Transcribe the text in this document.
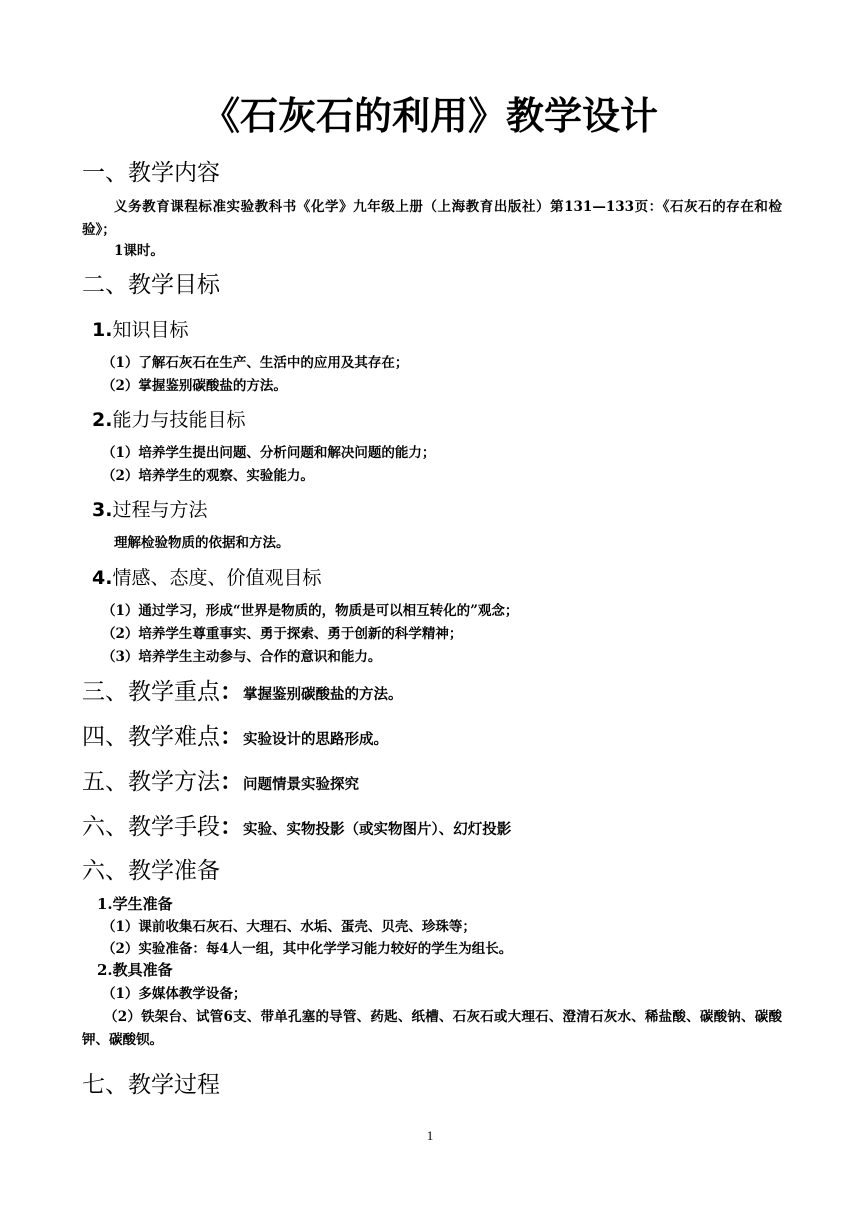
《石灰石的利用》教学设计
一、教学内容
义务教育课程标准实验教科书《化学》九年级上册（上海教育出版社）第131—133页：《石灰石的存在和检验》；
1课时。
二、教学目标
1.知识目标
（1）了解石灰石在生产、生活中的应用及其存在；
（2）掌握鉴别碳酸盐的方法。
2.能力与技能目标
（1）培养学生提出问题、分析问题和解决问题的能力；
（2）培养学生的观察、实验能力。
3.过程与方法
理解检验物质的依据和方法。
4.情感、态度、价值观目标
（1）通过学习，形成“世界是物质的，物质是可以相互转化的”观念；
（2）培养学生尊重事实、勇于探索、勇于创新的科学精神；
（3）培养学生主动参与、合作的意识和能力。
三、教学重点：掌握鉴别碳酸盐的方法。
四、教学难点：实验设计的思路形成。
五、教学方法：问题情景实验探究
六、教学手段：实验、实物投影（或实物图片）、幻灯投影
六、教学准备
1.学生准备
（1）课前收集石灰石、大理石、水垢、蛋壳、贝壳、珍珠等；
（2）实验准备：每4人一组，其中化学学习能力较好的学生为组长。
2.教具准备
（1）多媒体教学设备；
（2）铁架台、试管6支、带单孔塞的导管、药匙、纸槽、石灰石或大理石、澄清石灰水、稀盐酸、碳酸钠、碳酸钾、碳酸钡。
七、教学过程
1
